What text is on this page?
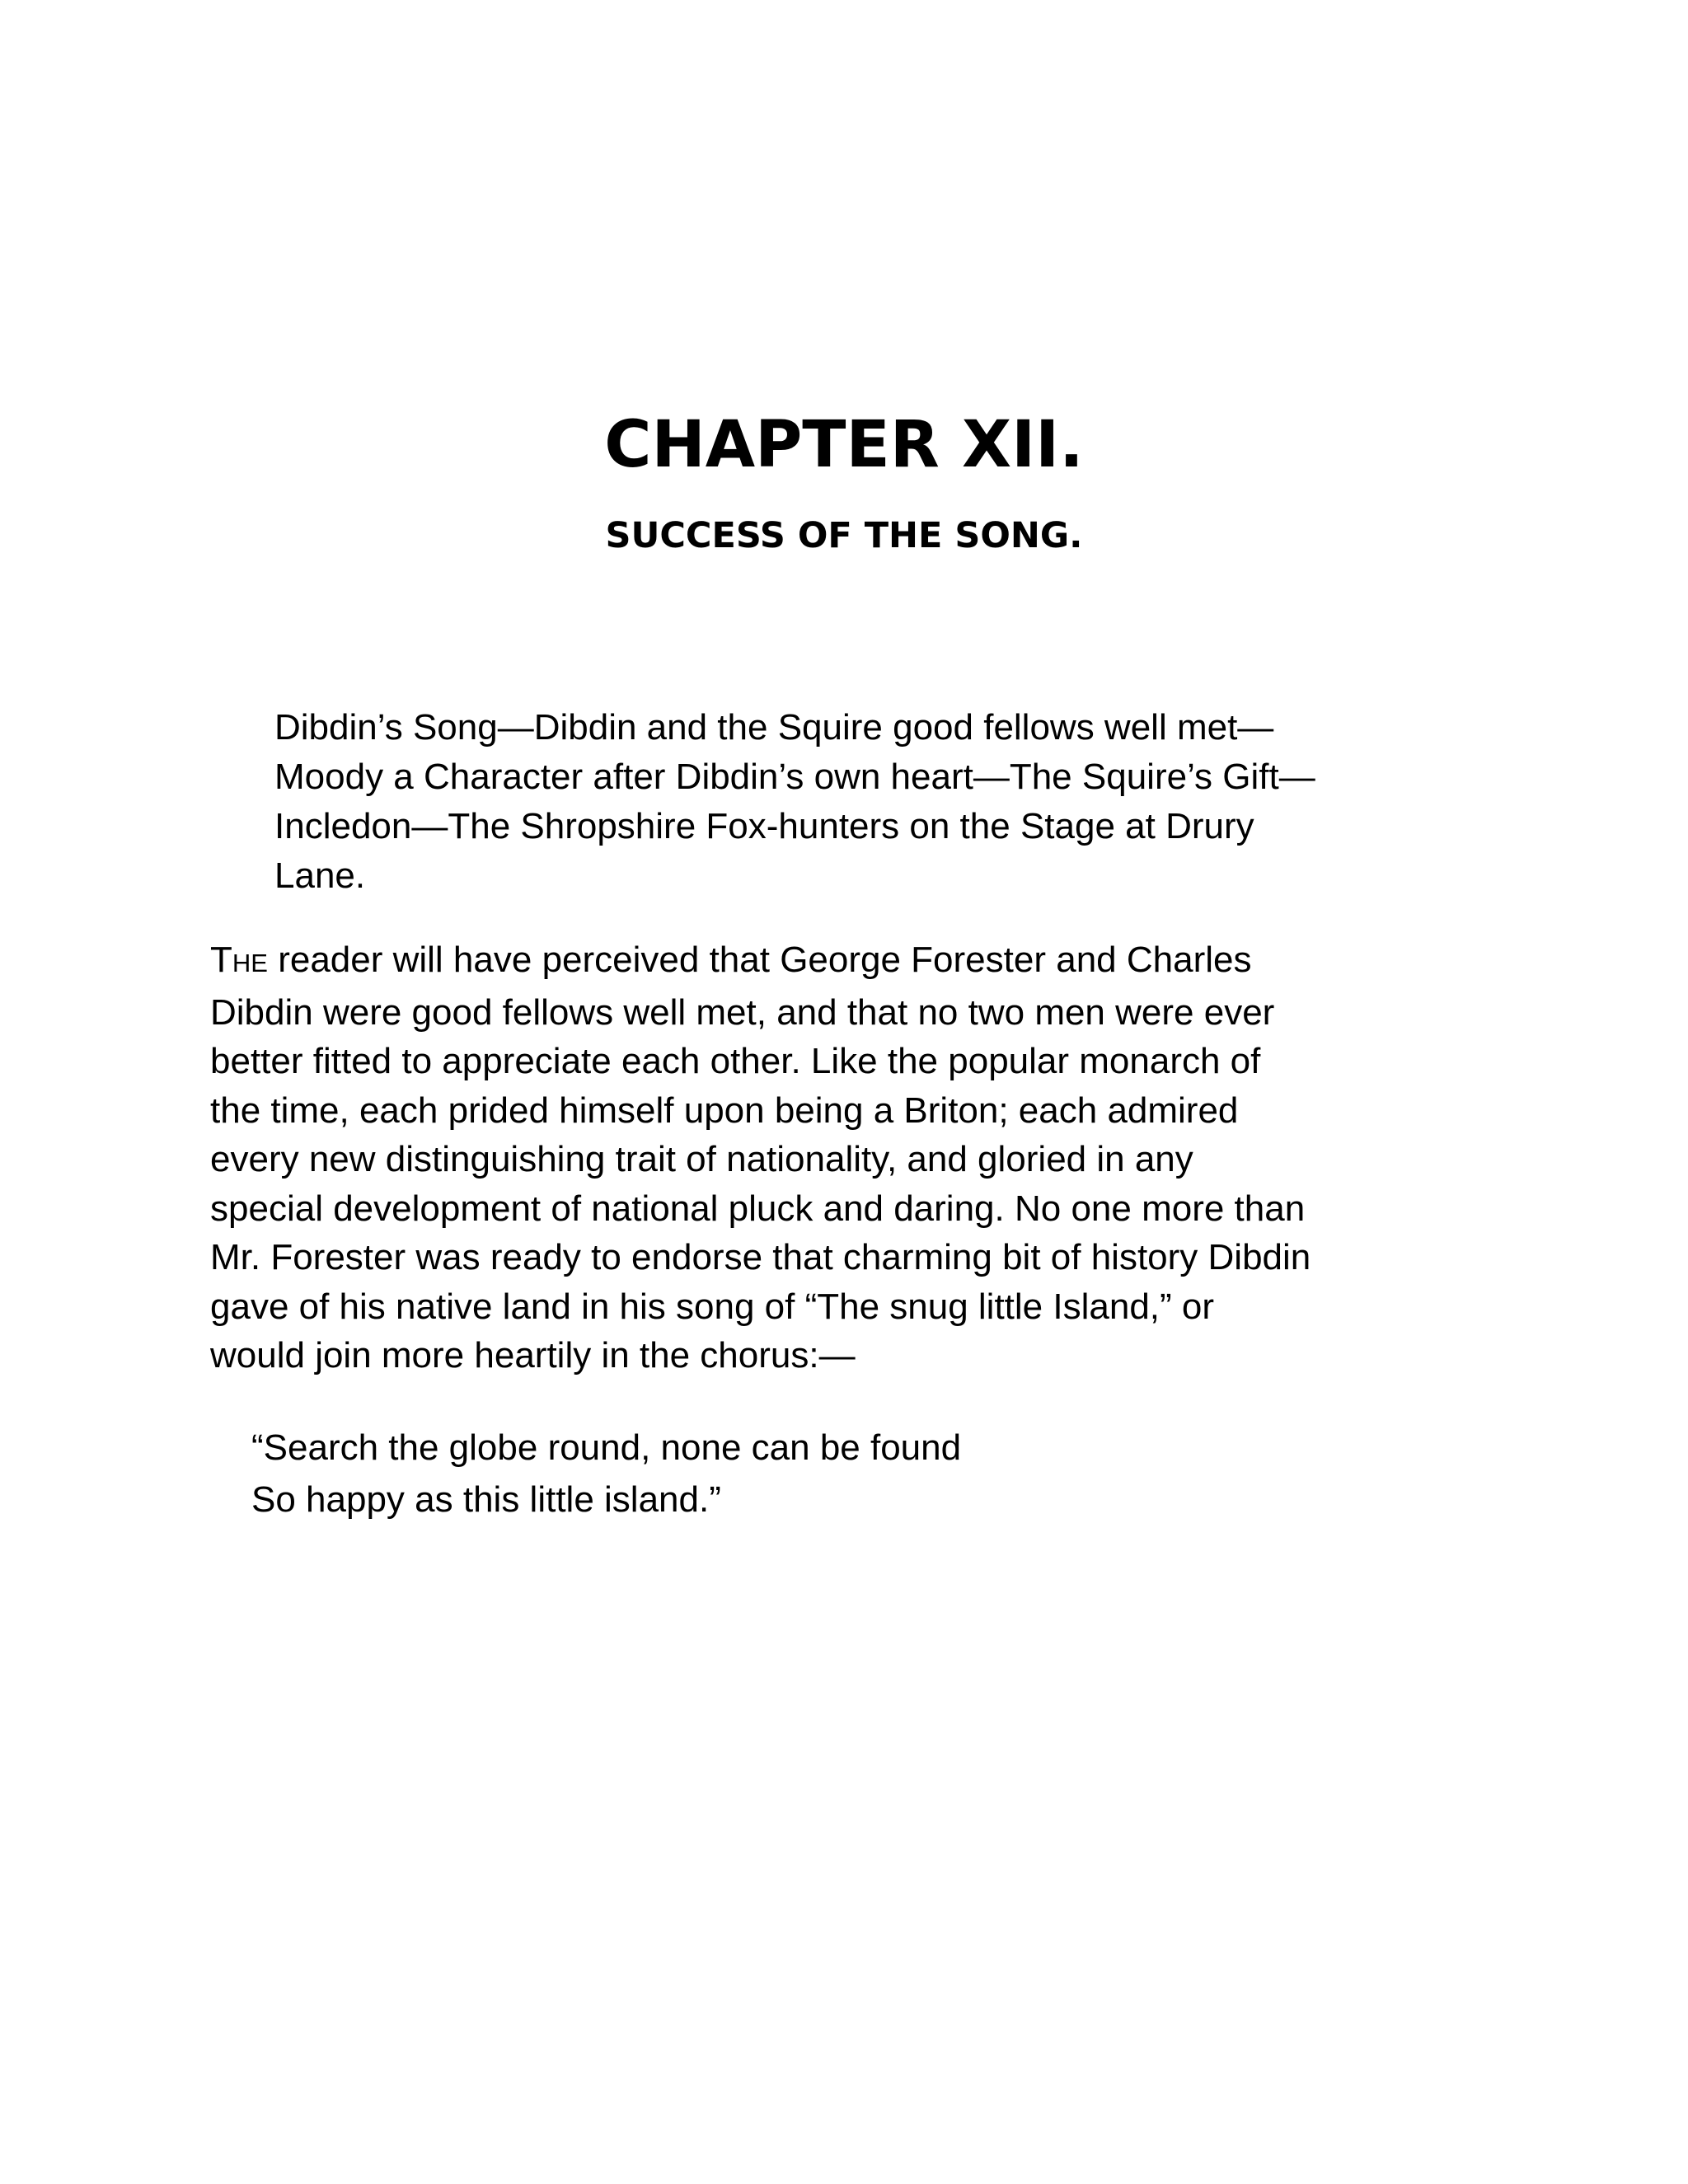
CHAPTER XII.
SUCCESS OF THE SONG.
Dibdin’s Song—Dibdin and the Squire good fellows well met—
Moody a Character after Dibdin’s own heart—The Squire’s Gift—
Incledon—The Shropshire Fox-hunters on the Stage at Drury
Lane.
THE reader will have perceived that George Forester and Charles
Dibdin were good fellows well met, and that no two men were ever
better fitted to appreciate each other. Like the popular monarch of
the time, each prided himself upon being a Briton; each admired
every new distinguishing trait of nationality, and gloried in any
special development of national pluck and daring. No one more than
Mr. Forester was ready to endorse that charming bit of history Dibdin
gave of his native land in his song of “The snug little Island,” or
would join more heartily in the chorus:—
“Search the globe round, none can be found
So happy as this little island.”
